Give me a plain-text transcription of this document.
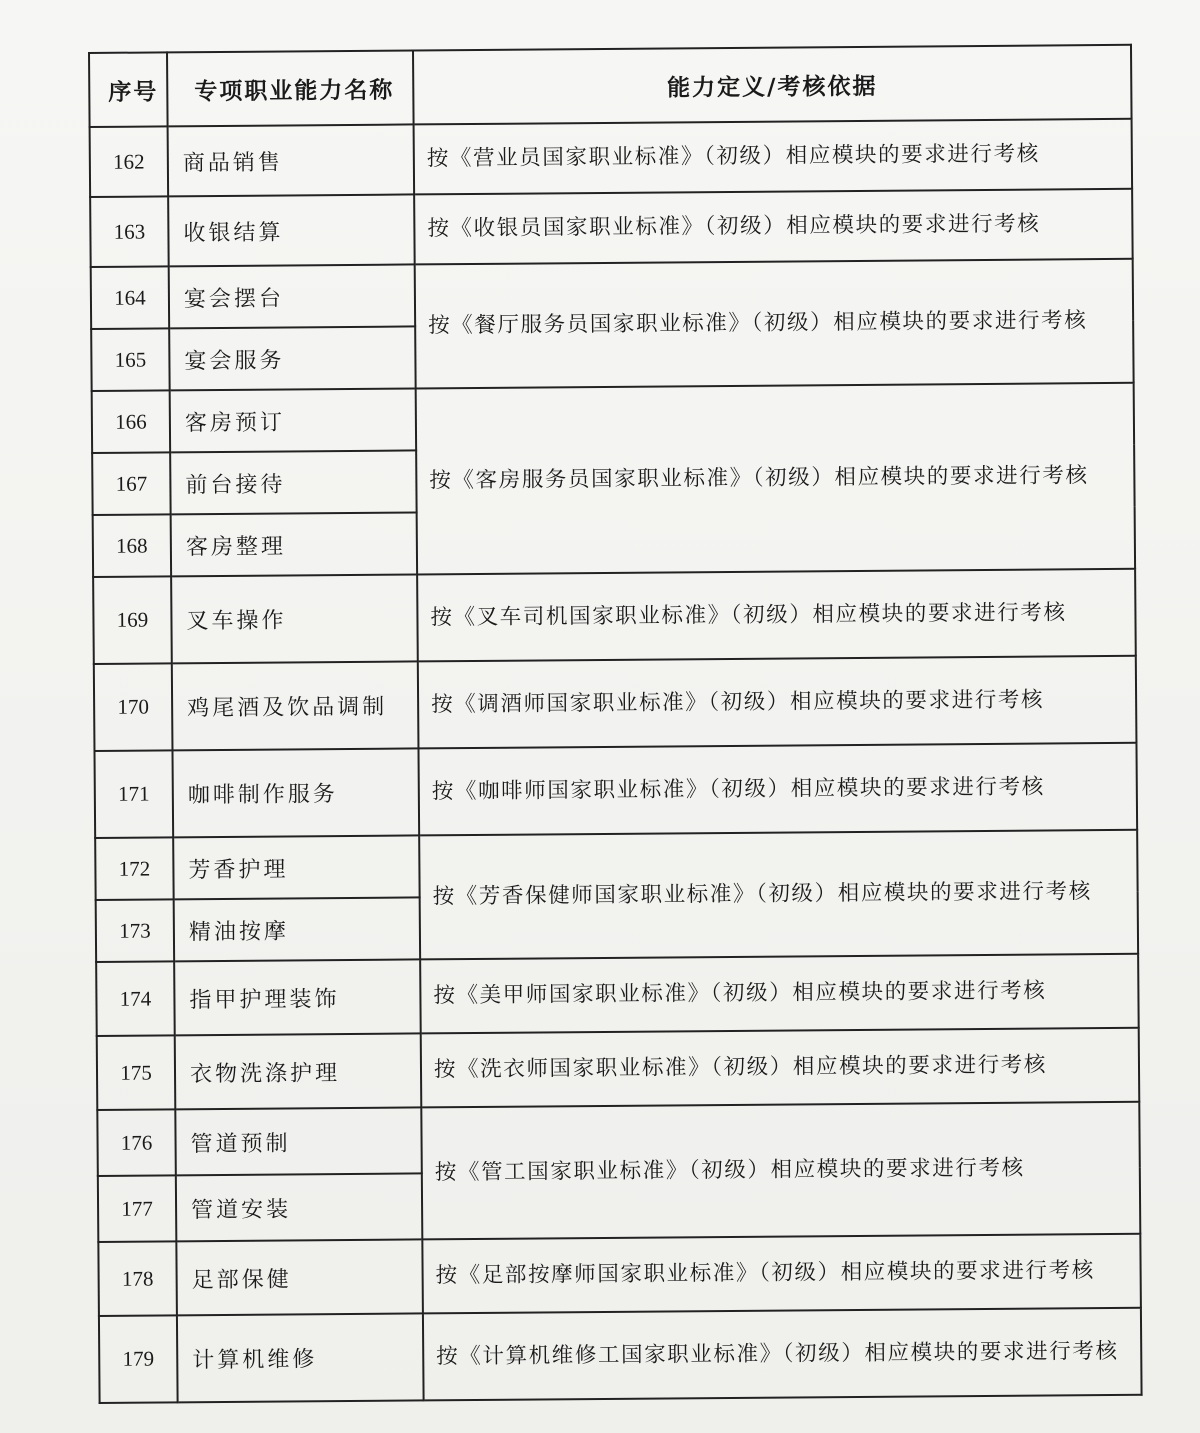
序号	专项职业能力名称	能力定义/考核依据
162	商品销售	按《营业员国家职业标准》（初级）相应模块的要求进行考核
163	收银结算	按《收银员国家职业标准》（初级）相应模块的要求进行考核
164	宴会摆台	按《餐厅服务员国家职业标准》（初级）相应模块的要求进行考核
165	宴会服务	
166	客房预订	按《客房服务员国家职业标准》（初级）相应模块的要求进行考核
167	前台接待	
168	客房整理	
169	叉车操作	按《叉车司机国家职业标准》（初级）相应模块的要求进行考核
170	鸡尾酒及饮品调制	按《调酒师国家职业标准》（初级）相应模块的要求进行考核
171	咖啡制作服务	按《咖啡师国家职业标准》（初级）相应模块的要求进行考核
172	芳香护理	按《芳香保健师国家职业标准》（初级）相应模块的要求进行考核
173	精油按摩	
174	指甲护理装饰	按《美甲师国家职业标准》（初级）相应模块的要求进行考核
175	衣物洗涤护理	按《洗衣师国家职业标准》（初级）相应模块的要求进行考核
176	管道预制	按《管工国家职业标准》（初级）相应模块的要求进行考核
177	管道安装	
178	足部保健	按《足部按摩师国家职业标准》（初级）相应模块的要求进行考核
179	计算机维修	按《计算机维修工国家职业标准》（初级）相应模块的要求进行考核
